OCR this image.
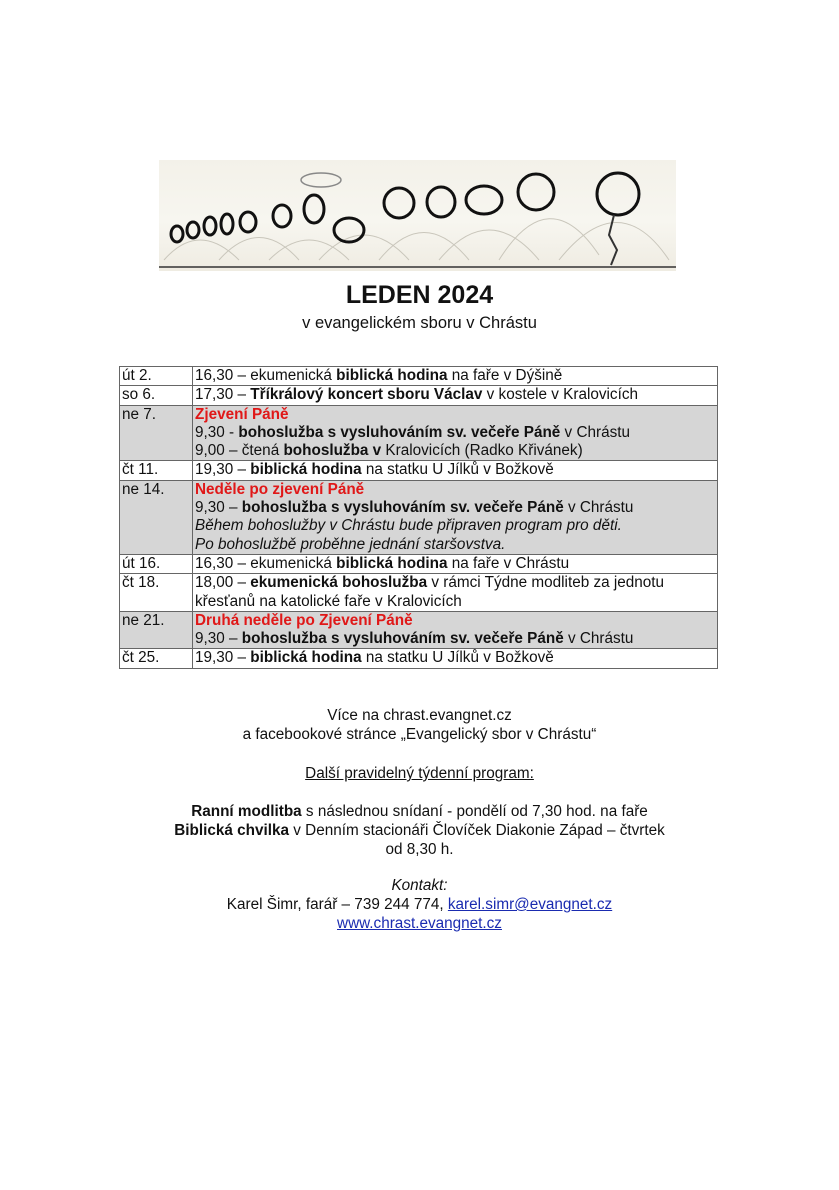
LEDEN 2024
v evangelickém sboru v Chrástu
út 2.	16,30 – ekumenická biblická hodina na faře v Dýšině

so 6.	17,30 – Tříkrálový koncert sboru Václav v kostele v Kralovicích

ne 7.	Zjevení Páně
9,30 - bohoslužba s vysluhováním sv. večeře Páně v Chrástu
9,00 – čtená bohoslužba v Kralovicích (Radko Křivánek)

čt 11.	19,30 – biblická hodina na statku U Jílků v Božkově

ne 14.	Neděle po zjevení Páně
9,30 – bohoslužba s vysluhováním sv. večeře Páně v Chrástu
Během bohoslužby v Chrástu bude připraven program pro děti.
Po bohoslužbě proběhne jednání staršovstva.

út 16.	16,30 – ekumenická biblická hodina na faře v Chrástu

čt 18.	18,00 – ekumenická bohoslužba v rámci Týdne modliteb za jednotu křesťanů na katolické faře v Kralovicích

ne 21.	Druhá neděle po Zjevení Páně
9,30 – bohoslužba s vysluhováním sv. večeře Páně v Chrástu

čt 25.	19,30 – biblická hodina na statku U Jílků v Božkově
Více na chrast.evangnet.cz
a facebookové stránce „Evangelický sbor v Chrástu“
Další pravidelný týdenní program:
Ranní modlitba s následnou snídaní - pondělí od 7,30 hod. na faře
Biblická chvilka v Denním stacionáři Človíček Diakonie Západ – čtvrtek
od 8,30 h.
Kontakt:
Karel Šimr, farář – 739 244 774, karel.simr@evangnet.cz
www.chrast.evangnet.cz
